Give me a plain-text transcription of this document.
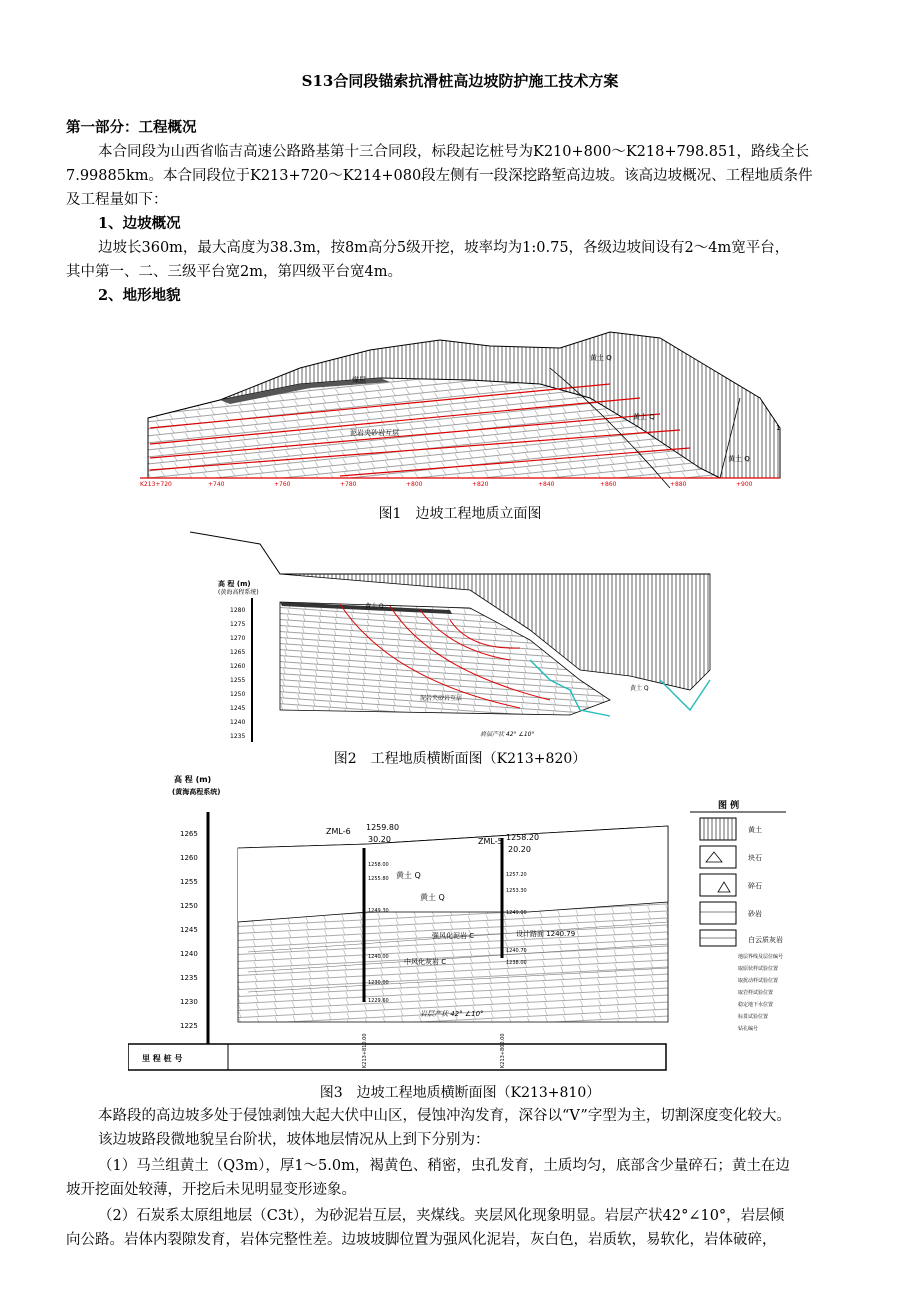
S13合同段锚索抗滑桩高边坡防护施工技术方案
第一部分：工程概况
本合同段为山西省临吉高速公路路基第十三合同段，标段起讫桩号为K210+800～K218+798.851，路线全长
7.99885km。本合同段位于K213+720～K214+080段左侧有一段深挖路堑高边坡。该高边坡概况、工程地质条件
及工程量如下：
1、边坡概况
边坡长360m，最大高度为38.3m，按8m高分5级开挖，坡率均为1:0.75，各级边坡间设有2～4m宽平台，
其中第一、二、三级平台宽2m，第四级平台宽4m。
2、地形地貌
煤层
黄土 Q
黄土 Q
黄土 Q
泥岩夹砂岩互层
1
K213+720	+740	+760	+780	+800	+820	+840	+860	+880	+900
图1　边坡工程地质立面图
高 程 (m)
(黄海高程系统)
1280
1275
1270
1265
1260
1255
1250
1245
1240
1235
黄土 Q
黄土 Q
泥岩夹砂岩互层
岩层产状 42° ∠10°
图2　工程地质横断面图（K213+820）
高 程 (m)
(黄海高程系统)
1265
1260
1255
1250
1245
1240
1235
1230
1225
ZML-6 1259.80
30.20	ZML-5 1258.20
20.20
1258.00
1255.80
1249.30
1240.00
1230.00
1229.60
1257.20
1253.30
1249.00
1240.70
1238.00
黄土 Q
黄土 Q
强风化泥岩 C
中风化灰岩 C
设计路面 1240.79
岩层产状 42° ∠10°
里 程 桩 号	K213+810.00	K213+800.00
图 例
黄土
块石
碎石
砂岩
白云质灰岩
地层界线及层位编号
取原状样试验位置
取扰动样试验位置
取岩样试验位置
稳定地下水位置
标贯试验位置
钻孔编号
图3　边坡工程地质横断面图（K213+810）
本路段的高边坡多处于侵蚀剥蚀大起大伏中山区，侵蚀冲沟发育，深谷以“V”字型为主，切割深度变化较大。
该边坡路段微地貌呈台阶状，坡体地层情况从上到下分别为：
（1）马兰组黄土（Q3m），厚1～5.0m，褐黄色、稍密，虫孔发育，土质均匀，底部含少量碎石；黄土在边
坡开挖面处较薄，开挖后未见明显变形迹象。
（2）石炭系太原组地层（C3t），为砂泥岩互层，夹煤线。夹层风化现象明显。岩层产状42°∠10°，岩层倾
向公路。岩体内裂隙发育，岩体完整性差。边坡坡脚位置为强风化泥岩，灰白色，岩质软，易软化，岩体破碎，
